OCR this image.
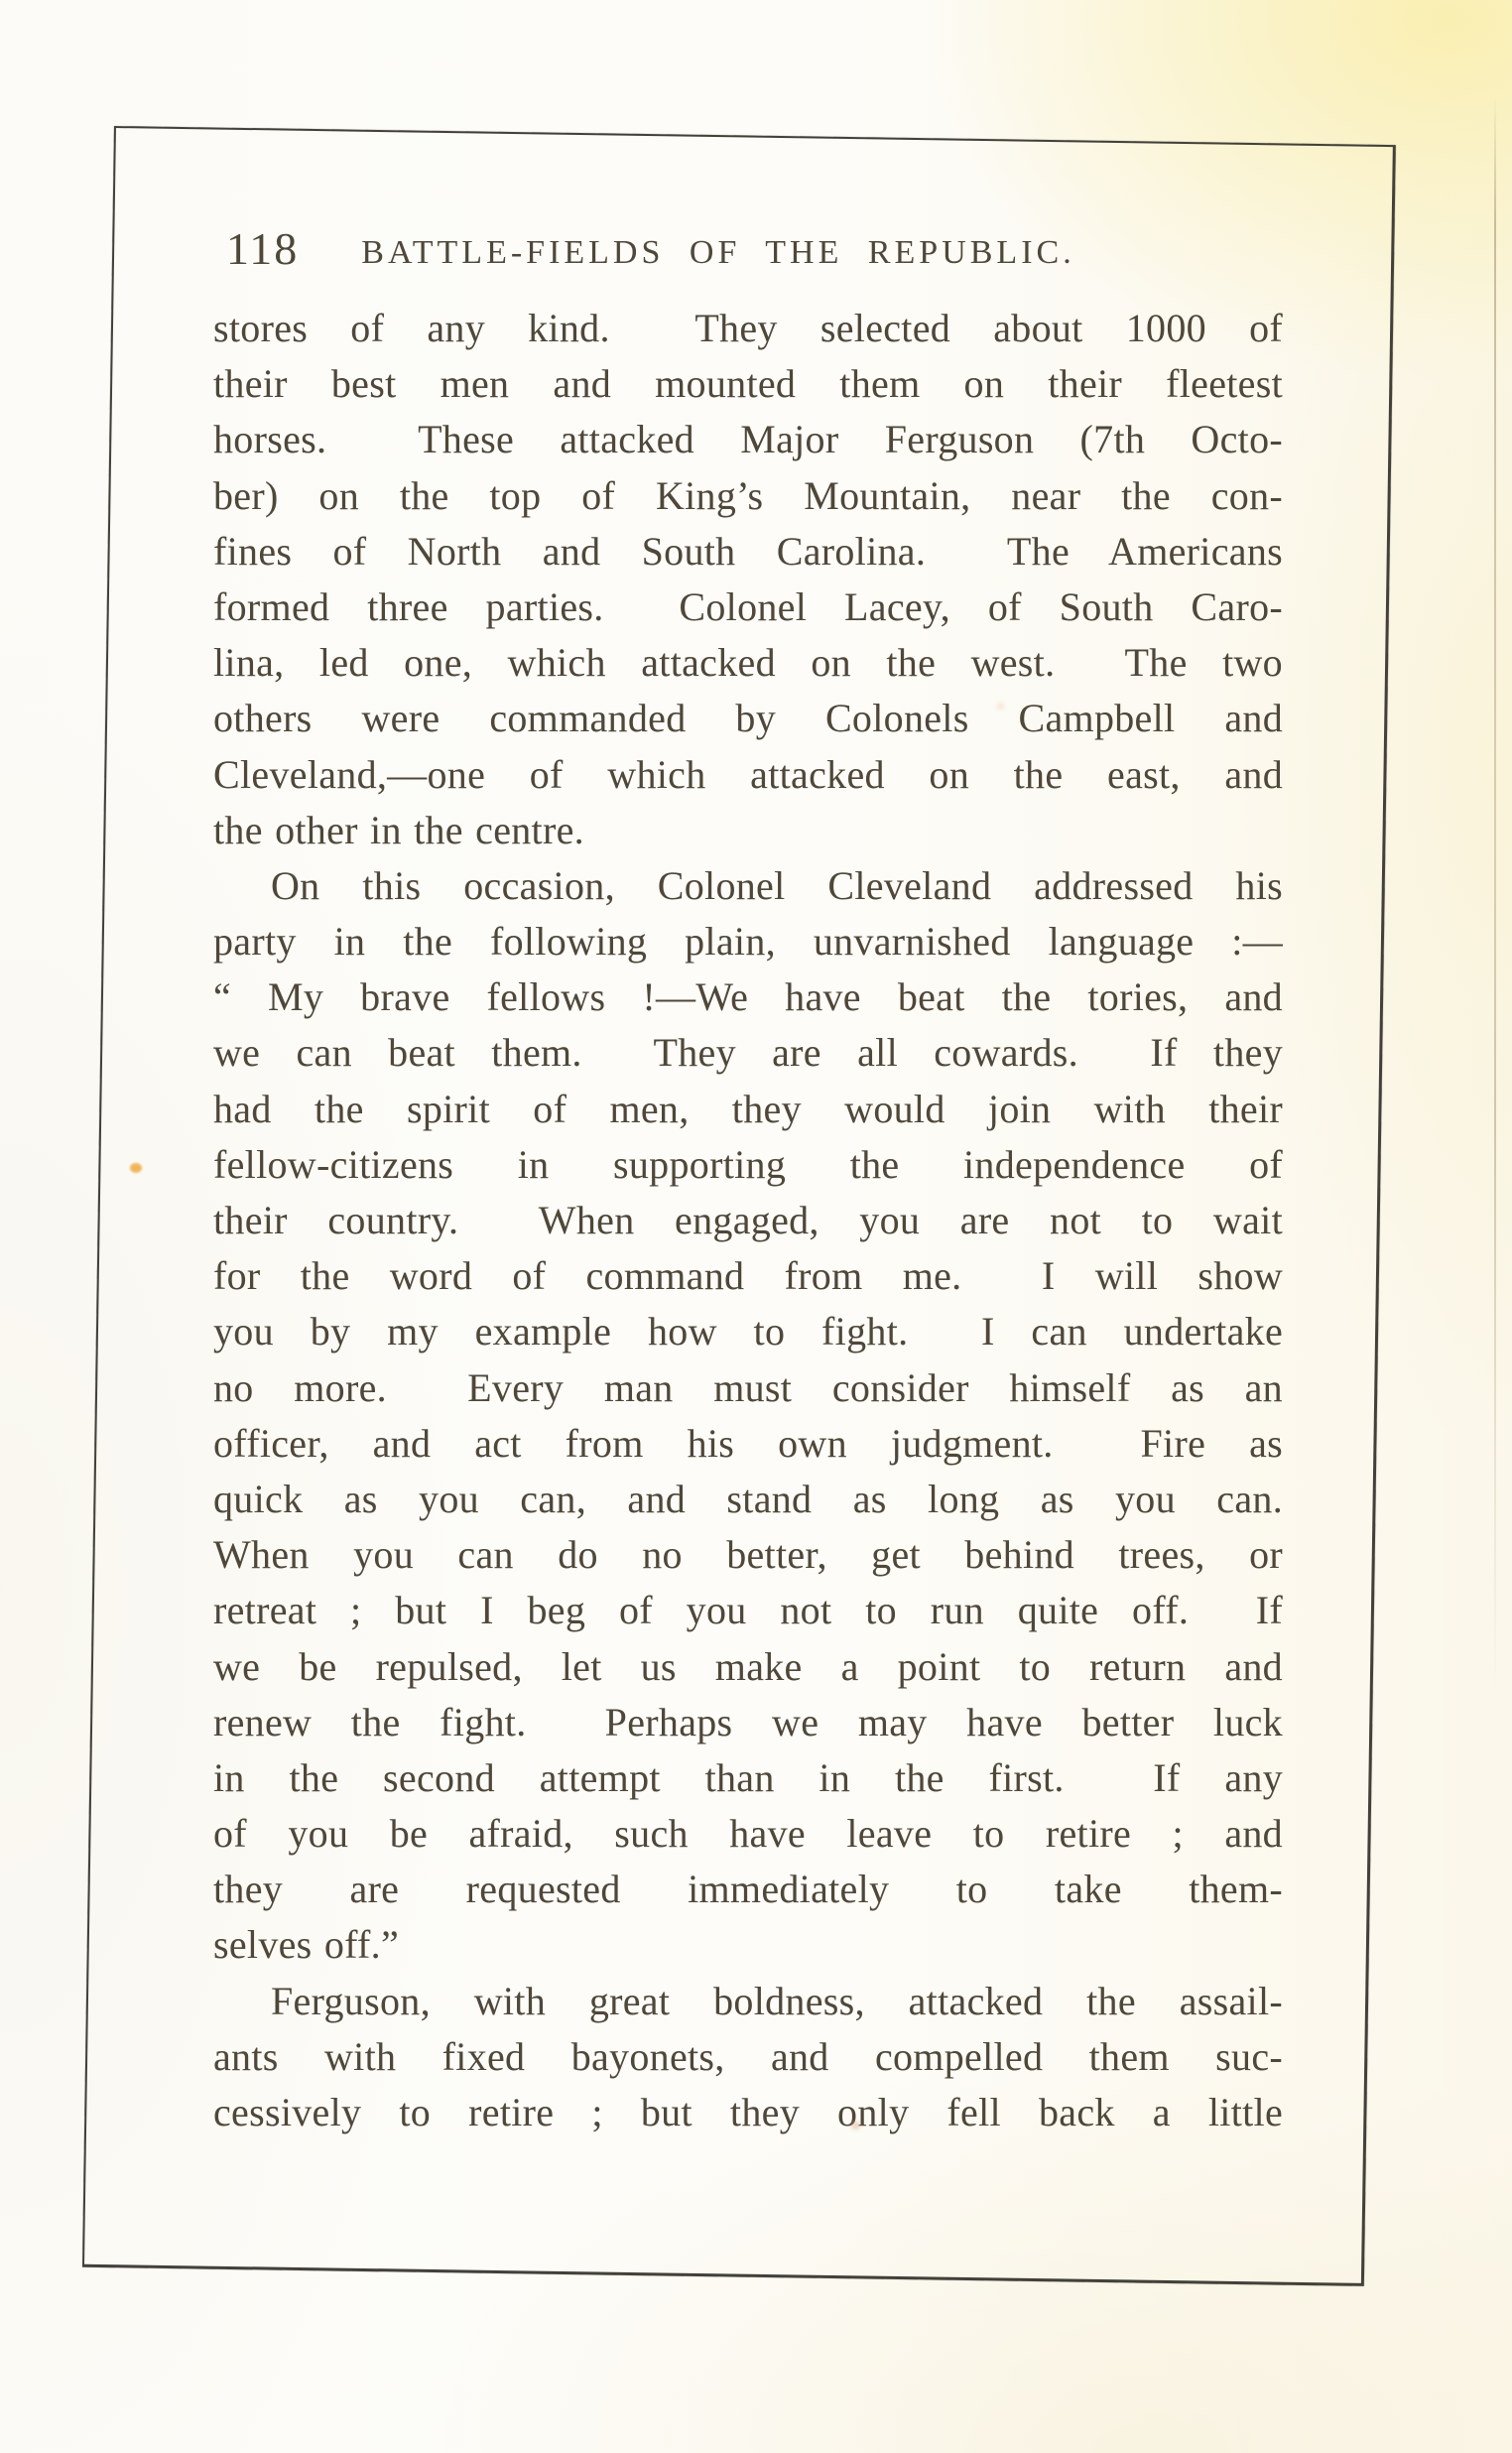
118 BATTLE-FIELDS OF THE REPUBLIC.
stores of any kind.  They selected about 1000 of
their best men and mounted them on their fleetest
horses.  These attacked Major Ferguson (7th Octo-
ber) on the top of King’s Mountain, near the con-
fines of North and South Carolina.  The Americans
formed three parties.  Colonel Lacey, of South Caro-
lina, led one, which attacked on the west.  The two
others were commanded by Colonels Campbell and
Cleveland,—one of which attacked on the east, and
the other in the centre.
On this occasion, Colonel Cleveland addressed his
party in the following plain, unvarnished language :—
“ My brave fellows !—We have beat the tories, and
we can beat them.  They are all cowards.  If they
had the spirit of men, they would join with their
fellow-citizens in supporting the independence of
their country.  When engaged, you are not to wait
for the word of command from me.  I will show
you by my example how to fight.  I can undertake
no more.  Every man must consider himself as an
officer, and act from his own judgment.  Fire as
quick as you can, and stand as long as you can.
When you can do no better, get behind trees, or
retreat ; but I beg of you not to run quite off.  If
we be repulsed, let us make a point to return and
renew the fight.  Perhaps we may have better luck
in the second attempt than in the first.  If any
of you be afraid, such have leave to retire ; and
they are requested immediately to take them-
selves off.”
Ferguson, with great boldness, attacked the assail-
ants with fixed bayonets, and compelled them suc-
cessively to retire ; but they only fell back a little
